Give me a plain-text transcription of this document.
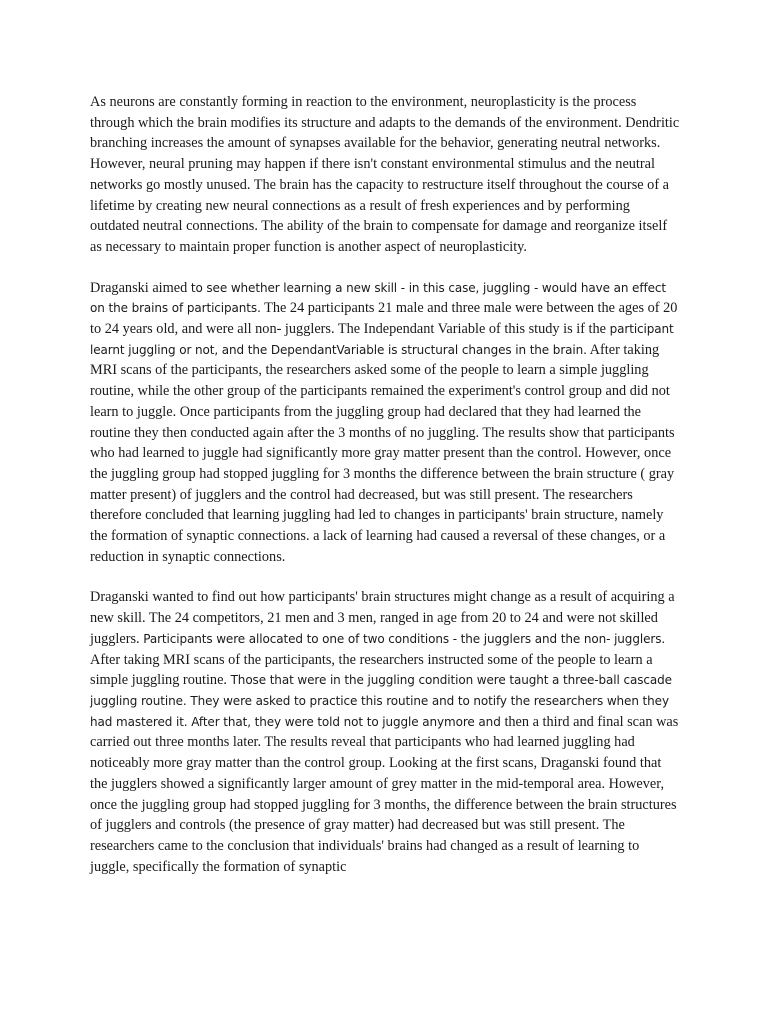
As neurons are constantly forming in reaction to the environment, neuroplasticity is the process through which the brain modifies its structure and adapts to the demands of the environment. Dendritic branching increases the amount of synapses available for the behavior, generating neutral networks. However, neural pruning may happen if there isn't constant environmental stimulus and the neutral networks go mostly unused. The brain has the capacity to restructure itself throughout the course of a lifetime by creating new neural connections as a result of fresh experiences and by performing outdated neutral connections. The ability of the brain to compensate for damage and reorganize itself as necessary to maintain proper function is another aspect of neuroplasticity.

Draganski aimed to see whether learning a new skill - in this case, juggling - would have an effect on the brains of participants. The 24 participants 21 male and three male were between the ages of 20 to 24 years old, and were all non- jugglers. The Independant Variable of this study is if the participant learnt juggling or not, and the DependantVariable is structural changes in the brain. After taking MRI scans of the participants, the researchers asked some of the people to learn a simple juggling routine, while the other group of the participants remained the experiment's control group and did not learn to juggle. Once participants from the juggling group had declared that they had learned the routine they then conducted again after the 3 months of no juggling. The results show that participants who had learned to juggle had significantly more gray matter present than the control. However, once the juggling group had stopped juggling for 3 months the difference between the brain structure ( gray matter present) of jugglers and the control had decreased, but was still present. The researchers therefore concluded that learning juggling had led to changes in participants' brain structure, namely the formation of synaptic connections. a lack of learning had caused a reversal of these changes, or a reduction in synaptic connections.

Draganski wanted to find out how participants' brain structures might change as a result of acquiring a new skill. The 24 competitors, 21 men and 3 men, ranged in age from 20 to 24 and were not skilled jugglers. Participants were allocated to one of two conditions - the jugglers and the non- jugglers. After taking MRI scans of the participants, the researchers instructed some of the people to learn a simple juggling routine. Those that were in the juggling condition were taught a three-ball cascade juggling routine. They were asked to practice this routine and to notify the researchers when they had mastered it. After that, they were told not to juggle anymore and then a third and final scan was carried out three months later. The results reveal that participants who had learned juggling had noticeably more gray matter than the control group. Looking at the first scans, Draganski found that the jugglers showed a significantly larger amount of grey matter in the mid-temporal area. However, once the juggling group had stopped juggling for 3 months, the difference between the brain structures of jugglers and controls (the presence of gray matter) had decreased but was still present. The researchers came to the conclusion that individuals' brains had changed as a result of learning to juggle, specifically the formation of synaptic
